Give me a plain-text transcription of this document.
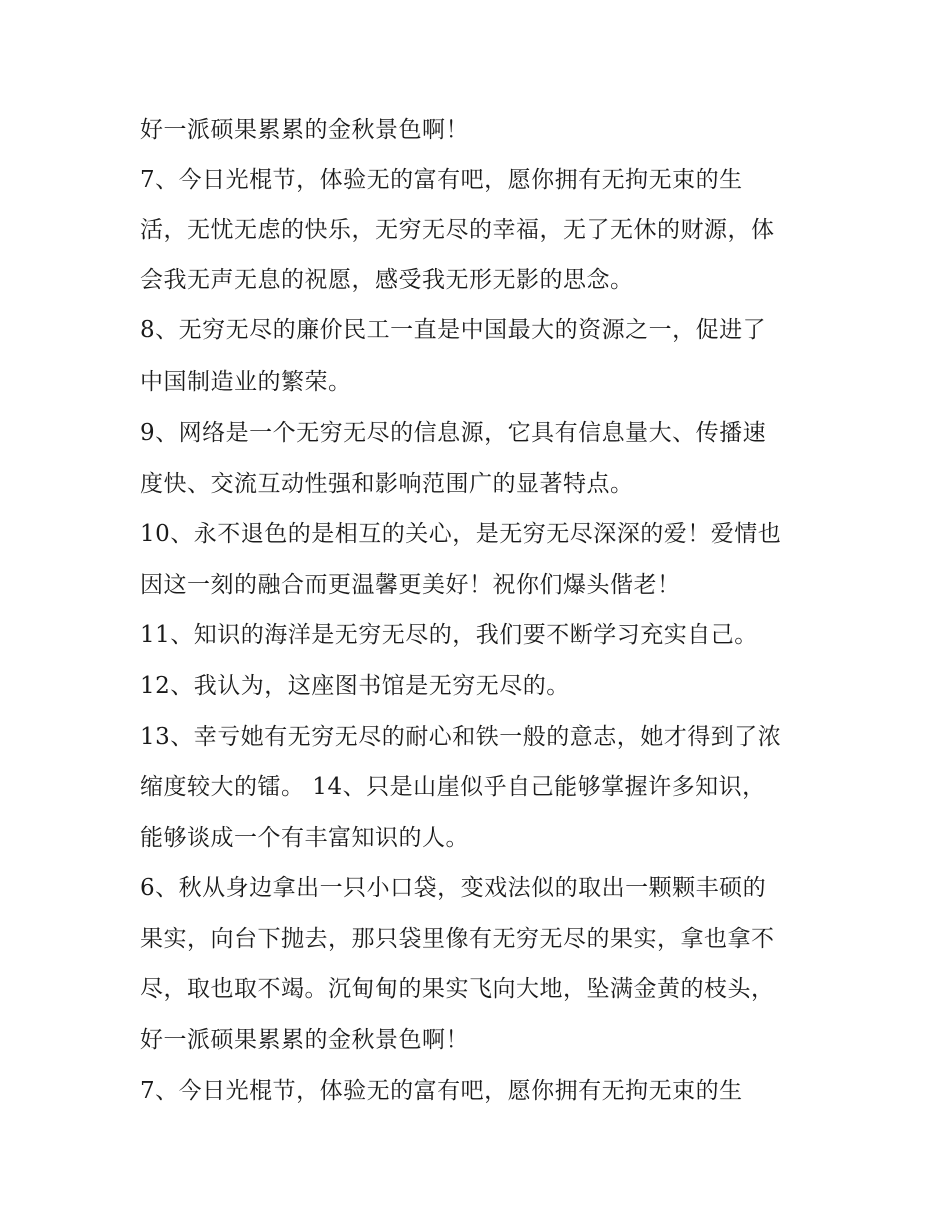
好一派硕果累累的金秋景色啊！
7、今日光棍节，体验无的富有吧，愿你拥有无拘无束的生
活，无忧无虑的快乐，无穷无尽的幸福，无了无休的财源，体
会我无声无息的祝愿，感受我无形无影的思念。
8、无穷无尽的廉价民工一直是中国最大的资源之一，促进了
中国制造业的繁荣。
9、网络是一个无穷无尽的信息源，它具有信息量大、传播速
度快、交流互动性强和影响范围广的显著特点。
10、永不退色的是相互的关心，是无穷无尽深深的爱！爱情也
因这一刻的融合而更温馨更美好！祝你们爆头偕老！
11、知识的海洋是无穷无尽的，我们要不断学习充实自己。
12、我认为，这座图书馆是无穷无尽的。
13、幸亏她有无穷无尽的耐心和铁一般的意志，她才得到了浓
缩度较大的镭。 14、只是山崖似乎自己能够掌握许多知识，
能够谈成一个有丰富知识的人。
6、秋从身边拿出一只小口袋，变戏法似的取出一颗颗丰硕的
果实，向台下抛去，那只袋里像有无穷无尽的果实，拿也拿不
尽，取也取不竭。沉甸甸的果实飞向大地，坠满金黄的枝头，
好一派硕果累累的金秋景色啊！
7、今日光棍节，体验无的富有吧，愿你拥有无拘无束的生
